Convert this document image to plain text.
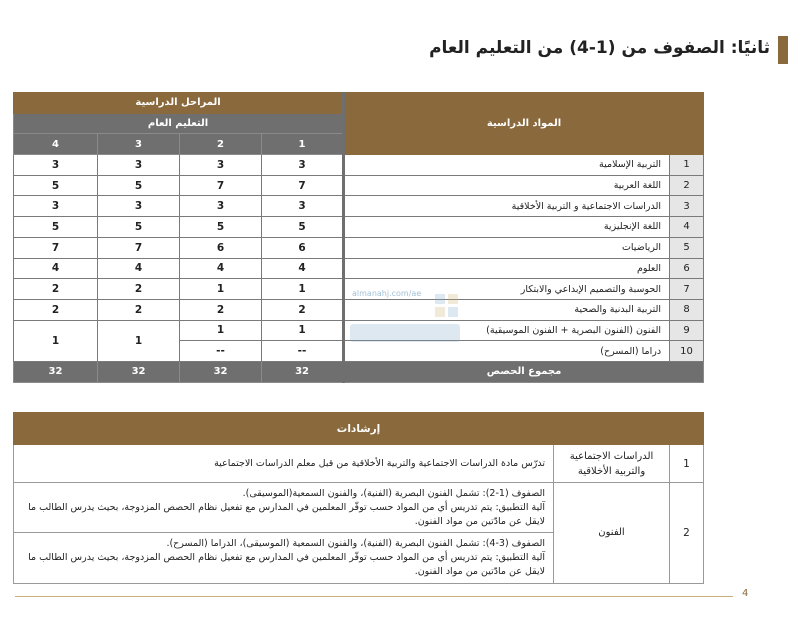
ثانيًا: الصفوف من (1-4) من التعليم العام
المواد الدراسية		المراحل الدراسية			
		التعليم العام			
		1	2	3	4
1	التربية الإسلامية	3	3	3	3
2	اللغة العربية	7	7	5	5
3	الدراسات الاجتماعية و التربية الأخلاقية	3	3	3	3
4	اللغة الإنجليزية	5	5	5	5
5	الرياضيات	6	6	7	7
6	العلوم	4	4	4	4
7	الحوسبة والتصميم الإبداعي والابتكار	1	1	2	2
8	التربية البدنية والصحية	2	2	2	2
9	الفنون (الفنون البصرية + الفنون الموسيقية)	1	1	1	1
10	دراما (المسرح)	--	--		
مجموع الحصص		32	32	32	32
almanahj.com/ae
إرشادات		
1	الدراسات الاجتماعية والتربية الأخلاقية	تدرّس مادة الدراسات الاجتماعية والتربية الأخلاقية من قبل معلم الدراسات الاجتماعية
2	الفنون	الصفوف (1-2): تشمل الفنون البصرية (الفنية)، والفنون السمعية(الموسيقى).
آلية التطبيق: يتم تدريس أي من المواد حسب توفّر المعلمين في المدارس مع تفعيل نظام الحصص المزدوجة، بحيث يدرس الطالب ما لايقل عن مادّتين من مواد الفنون.
		الصفوف (3-4): تشمل الفنون البصرية (الفنية)، والفنون السمعية (الموسيقى)، الدراما (المسرح).
آلية التطبيق: يتم تدريس أي من المواد حسب توفّر المعلمين في المدارس مع تفعيل نظام الحصص المزدوجة، بحيث يدرس الطالب ما لايقل عن مادّتين من مواد الفنون.
4
